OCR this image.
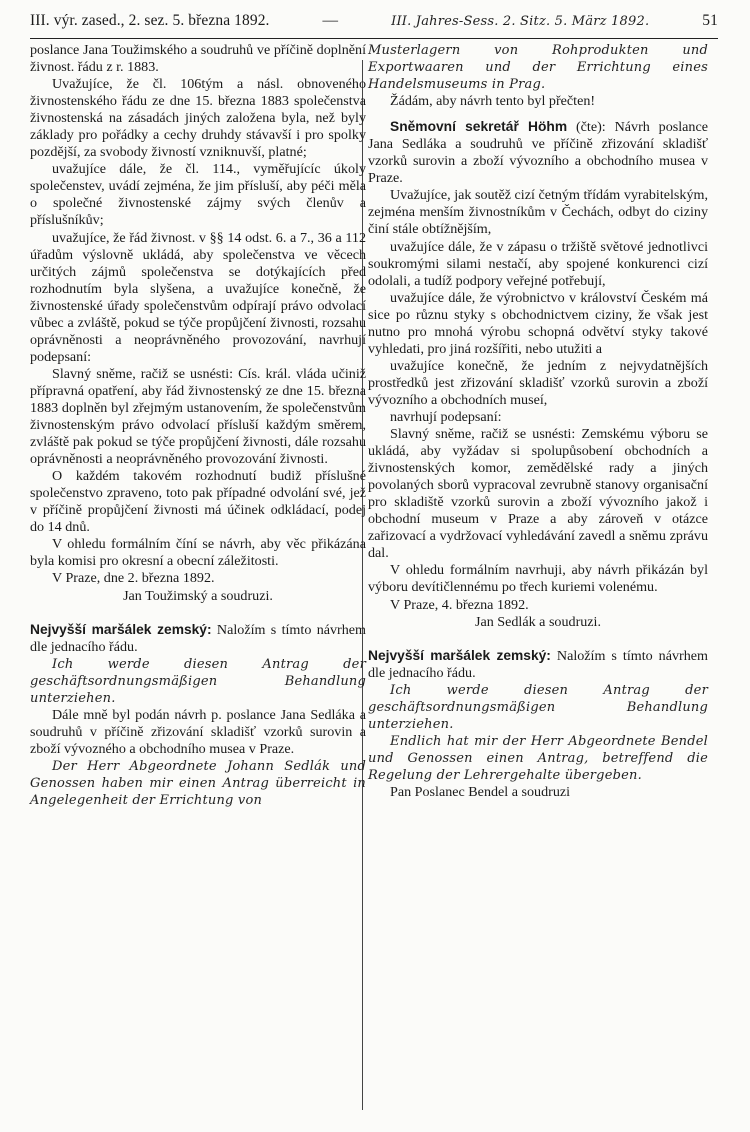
III. výr. zased., 2. sez. 5. března 1892.	—	III. Jahres-Sess. 2. Sitz. 5. März 1892.	51

poslance Jana Toužimského a soudruhů ve příčině doplnění živnost. řádu z r. 1883.

Uvažujíce, že čl. 106tým a násl. obnoveného živnostenského řádu ze dne 15. března 1883 společenstva živnostenská na zásadách jiných založena byla, než byly základy pro pořádky a cechy druhdy stávavší i pro spolky pozdější, za svobody živností vzniknuvší, platné;

uvažujíce dále, že čl. 114., vyměřujícíc úkoly společenstev, uvádí zejména, že jim přísluší, aby péči měla o společné živnostenské zájmy svých členův a příslušníkův;

uvažujíce, že řád živnost. v §§ 14 odst. 6. a 7., 36 a 112 úřadům výslovně ukládá, aby společenstva ve věcech určitých zájmů společenstva se dotýkajících před rozhodnutím byla slyšena, a uvažujíce konečně, že živnostenské úřady společenstvům odpírají právo odvolací vůbec a zvláště, pokud se týče propůjčení živnosti, rozsahu oprávněnosti a neoprávněného provozování, navrhují podepsaní:

Slavný sněme, račiž se usnésti: Cís. král. vláda učiniž přípravná opatření, aby řád živnostenský ze dne 15. března 1883 doplněn byl zřejmým ustanovením, že společenstvům živnostenským právo odvolací přísluší každým směrem, zvláště pak pokud se týče propůjčení živnosti, dále rozsahu oprávněnosti a neoprávněného provozování živnosti.

O každém takovém rozhodnutí budiž příslušné společenstvo zpraveno, toto pak případné odvolání své, jež v příčině propůjčení živnosti má účinek odkládací, podej do 14 dnů.

V ohledu formálním číní se návrh, aby věc přikázána byla komisi pro okresní a obecní záležitosti.

V Praze, dne 2. března 1892.

Jan Toužimský a soudruzi.

Nejvyšší maršálek zemský: Naložím s tímto návrhem dle jednacího řádu.

Ich werde diesen Antrag der geschäftsordnungsmäßigen Behandlung unterziehen.

Dále mně byl podán návrh p. poslance Jana Sedláka a soudruhů v příčině zřizování skladišť vzorků surovin a zboží vývozného a obchodního musea v Praze.

Der Herr Abgeordnete Johann Sedlák und Genossen haben mir einen Antrag überreicht in Angelegenheit der Errichtung von

Musterlagern von Rohprodukten und Exportwaaren und der Errichtung eines Handelsmuseums in Prag.

Žádám, aby návrh tento byl přečten!

Sněmovní sekretář Höhm (čte): Návrh poslance Jana Sedláka a soudruhů ve příčině zřizování skladišť vzorků surovin a zboží vývozního a obchodního musea v Praze.

Uvažujíce, jak soutěž cizí četným třídám vyrabitelským, zejména menším živnostníkům v Čechách, odbyt do ciziny činí stále obtížnějším,

uvažujíce dále, že v zápasu o tržiště světové jednotlivci soukromými silami nestačí, aby spojené konkurenci cizí odolali, a tudíž podpory veřejné potřebují,

uvažujíce dále, že výrobnictvo v království Českém má sice po různu styky s obchodnictvem ciziny, že však jest nutno pro mnohá výrobu schopná odvětví styky takové vyhledati, pro jiná rozšířiti, nebo utužiti a

uvažujíce konečně, že jedním z nejvydatnějších prostředků jest zřizování skladišť vzorků surovin a zboží vývozního a obchodních museí,

navrhují podepsaní:

Slavný sněme, račiž se usnésti: Zemskému výboru se ukládá, aby vyžádav si spolupůsobení obchodních a živnostenských komor, zemědělské rady a jiných povolaných sborů vypracoval zevrubně stanovy organisační pro skladiště vzorků surovin a zboží vývozního jakož i obchodní museum v Praze a aby zároveň v otázce zařizovací a vydržovací vyhledávání zavedl a sněmu zprávu dal.

V ohledu formálním navrhuji, aby návrh přikázán byl výboru devítičlennému po třech kuriemi volenému.

V Praze, 4. března 1892.

Jan Sedlák a soudruzi.

Nejvyšší maršálek zemský: Naložím s tímto návrhem dle jednacího řádu.

Ich werde diesen Antrag der geschäftsordnungsmäßigen Behandlung unterziehen.

Endlich hat mir der Herr Abgeordnete Bendel und Genossen einen Antrag, betreffend die Regelung der Lehrergehalte übergeben.

Pan Poslanec Bendel a soudruzi
